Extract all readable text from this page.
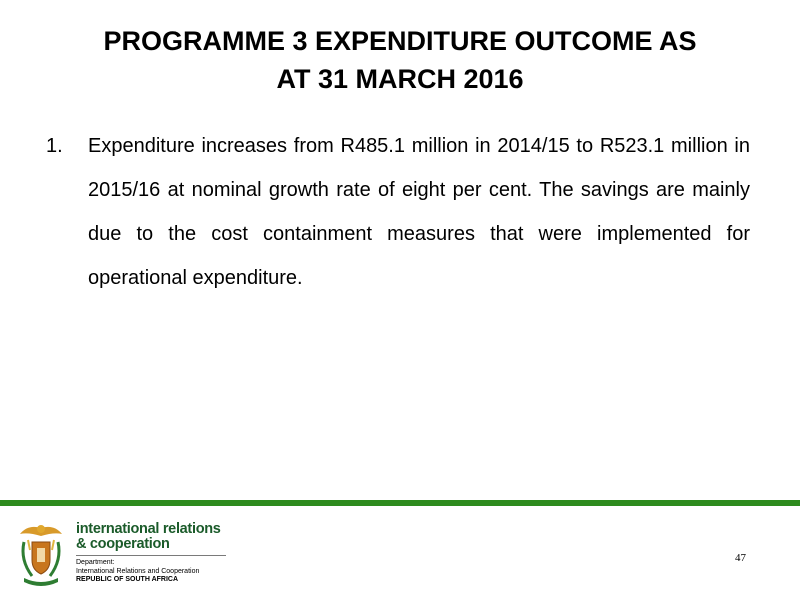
PROGRAMME 3 EXPENDITURE OUTCOME AS
AT 31 MARCH 2016
1. Expenditure increases from R485.1 million in 2014/15 to R523.1 million in 2015/16 at nominal growth rate of eight per cent. The savings are mainly due to the cost containment measures that were implemented for operational expenditure.
international relations
& cooperation
Department:
International Relations and Cooperation
REPUBLIC OF SOUTH AFRICA
47
